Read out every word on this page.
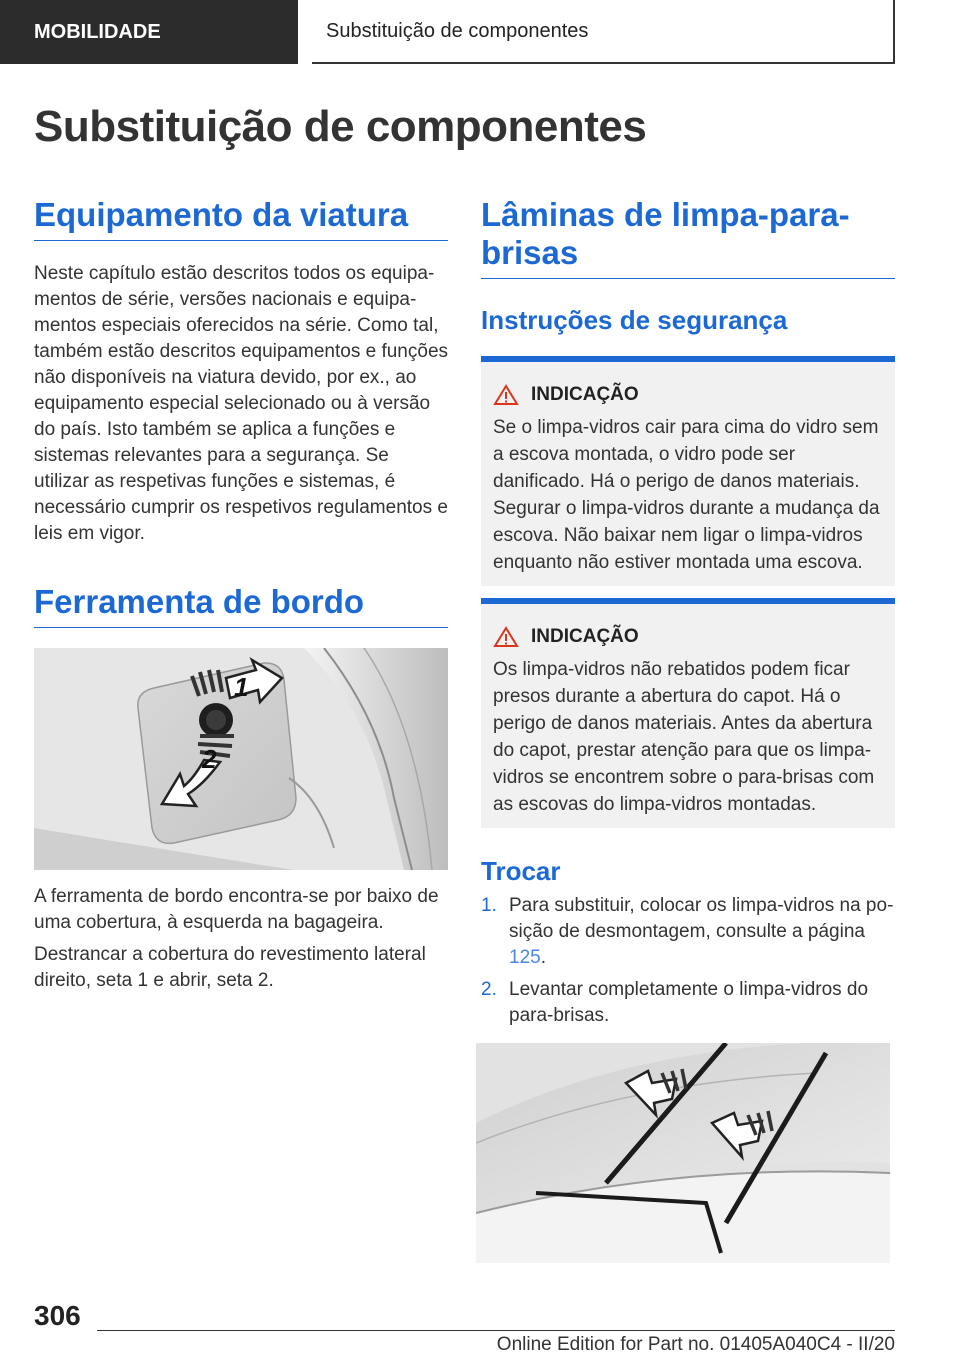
MOBILIDADE	Substituição de componentes
Substituição de componentes
Equipamento da viatura

Neste capítulo estão descritos todos os equipamentos de série, versões nacionais e equipamentos especiais oferecidos na série. Como tal, também estão descritos equipamentos e funções não disponíveis na viatura devido, por ex., ao equipamento especial selecionado ou à versão do país. Isto também se aplica a funções e sistemas relevantes para a segurança. Se utilizar as respetivas funções e sistemas, é necessário cumprir os respetivos regulamentos e leis em vigor.

Ferramenta de bordo
1
2

A ferramenta de bordo encontra-se por baixo de uma cobertura, à esquerda na bagageira.

Destrancar a cobertura do revestimento lateral direito, seta 1 e abrir, seta 2.

Lâminas de limpa-para-brisas
Instruções de segurança
INDICAÇÃO

Se o limpa-vidros cair para cima do vidro sem a escova montada, o vidro pode ser danificado. Há o perigo de danos materiais. Segurar o limpa-vidros durante a mudança da escova. Não baixar nem ligar o limpa-vidros enquanto não estiver montada uma escova.

INDICAÇÃO

Os limpa-vidros não rebatidos podem ficar presos durante a abertura do capot. Há o perigo de danos materiais. Antes da abertura do capot, prestar atenção para que os limpa-vidros se encontrem sobre o para-brisas com as escovas do limpa-vidros montadas.

Trocar
1. Para substituir, colocar os limpa-vidros na posição de desmontagem, consulte a página 125.
2. Levantar completamente o limpa-vidros do para-brisas.
306
Online Edition for Part no. 01405A040C4 - II/20
